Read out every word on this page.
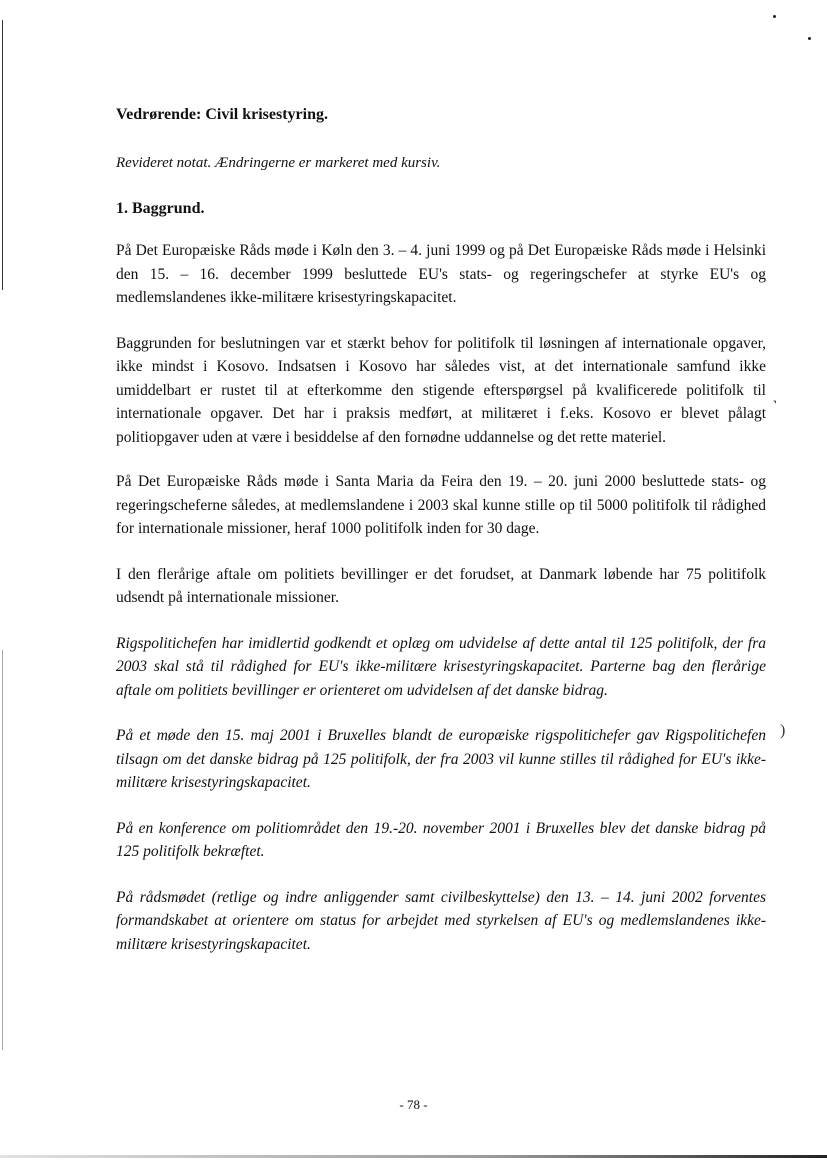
˺
)
Vedrørende: Civil krisestyring.
Revideret notat. Ændringerne er markeret med kursiv.
1. Baggrund.

På Det Europæiske Råds møde i Køln den 3. – 4. juni 1999 og på Det Europæiske Råds møde i Helsinki den 15. – 16. december 1999 besluttede EU's stats- og regeringschefer at styrke EU's og medlemslandenes ikke-militære krisestyringskapacitet.

Baggrunden for beslutningen var et stærkt behov for politifolk til løsningen af internationale opgaver, ikke mindst i Kosovo. Indsatsen i Kosovo har således vist, at det internationale samfund ikke umiddelbart er rustet til at efterkomme den stigende efterspørgsel på kvalificerede politifolk til internationale opgaver. Det har i praksis medført, at militæret i f.eks. Kosovo er blevet pålagt politiopgaver uden at være i besiddelse af den fornødne uddannelse og det rette materiel.

På Det Europæiske Råds møde i Santa Maria da Feira den 19. – 20. juni 2000 besluttede stats- og regeringscheferne således, at medlemslandene i 2003 skal kunne stille op til 5000 politifolk til rådighed for internationale missioner, heraf 1000 politifolk inden for 30 dage.

I den flerårige aftale om politiets bevillinger er det forudset, at Danmark løbende har 75 politifolk udsendt på internationale missioner.

Rigspolitichefen har imidlertid godkendt et oplæg om udvidelse af dette antal til 125 politifolk, der fra 2003 skal stå til rådighed for EU's ikke-militære krisestyringskapacitet. Parterne bag den flerårige aftale om politiets bevillinger er orienteret om udvidelsen af det danske bidrag.

På et møde den 15. maj 2001 i Bruxelles blandt de europæiske rigspolitichefer gav Rigspolitichefen tilsagn om det danske bidrag på 125 politifolk, der fra 2003 vil kunne stilles til rådighed for EU's ikke-militære krisestyringskapacitet.

På en konference om politiområdet den 19.-20. november 2001 i Bruxelles blev det danske bidrag på 125 politifolk bekræftet.

På rådsmødet (retlige og indre anliggender samt civilbeskyttelse) den 13. – 14. juni 2002 forventes formandskabet at orientere om status for arbejdet med styrkelsen af EU's og medlemslandenes ikke-militære krisestyringskapacitet.

- 78 -
